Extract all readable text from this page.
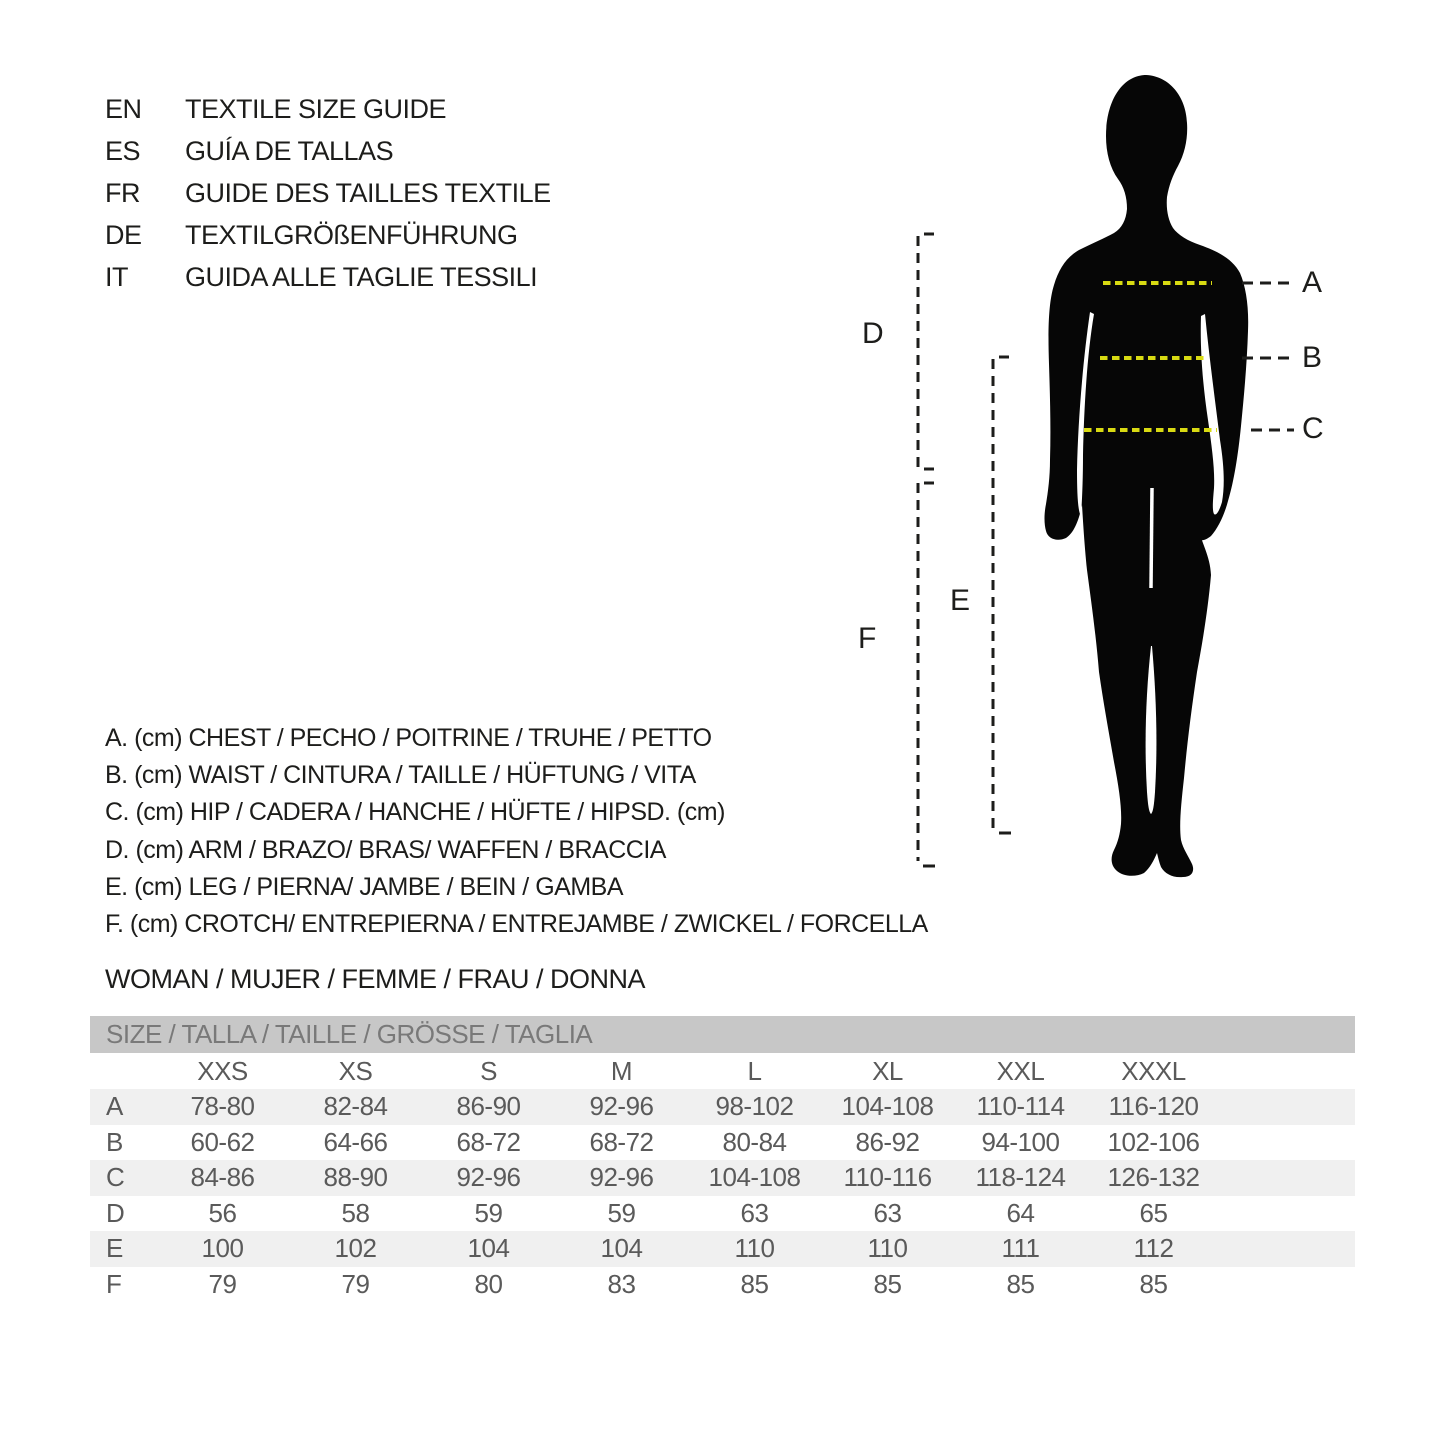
A
B
C
D
E
F
EN	TEXTILE SIZE GUIDE
ES	GUÍA DE TALLAS
FR	GUIDE DES TAILLES TEXTILE
DE	TEXTILGRÖßENFÜHRUNG
IT	GUIDA ALLE TAGLIE TESSILI
A. (cm) CHEST / PECHO / POITRINE / TRUHE / PETTO
B. (cm) WAIST / CINTURA / TAILLE / HÜFTUNG / VITA
C. (cm) HIP / CADERA / HANCHE / HÜFTE / HIPSD. (cm)
D. (cm) ARM / BRAZO/ BRAS/ WAFFEN / BRACCIA
E. (cm) LEG / PIERNA/ JAMBE / BEIN / GAMBA
F. (cm) CROTCH/ ENTREPIERNA / ENTREJAMBE / ZWICKEL / FORCELLA
WOMAN / MUJER / FEMME / FRAU / DONNA
SIZE / TALLA / TAILLE / GRÖSSE / TAGLIA
XXS	XS	S	M	L	XL	XXL	XXXL
A	78-80	82-84	86-90	92-96	98-102	104-108	110-114	116-120
B	60-62	64-66	68-72	68-72	80-84	86-92	94-100	102-106
C	84-86	88-90	92-96	92-96	104-108	110-116	118-124	126-132
D	56	58	59	59	63	63	64	65
E	100	102	104	104	110	110	111	112
F	79	79	80	83	85	85	85	85
